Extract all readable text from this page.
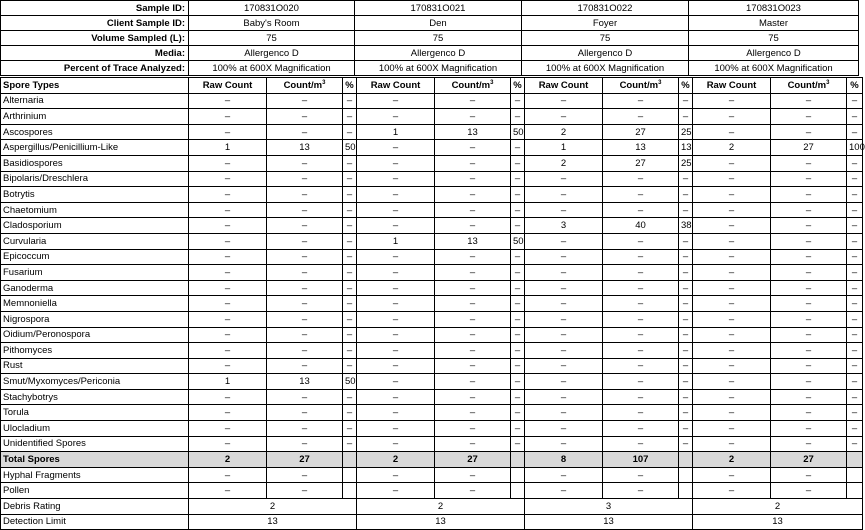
Sample ID:	170831O020	170831O021	170831O022	170831O023
Client Sample ID:	Baby's Room	Den	Foyer	Master
Volume Sampled (L):	75	75	75	75
Media:	Allergenco D	Allergenco D	Allergenco D	Allergenco D
Percent of Trace Analyzed:	100% at 600X Magnification	100% at 600X Magnification	100% at 600X Magnification	100% at 600X Magnification
Spore Types	Raw Count	Count/$m^3$	%	Raw Count	Count/$m^3$	%	Raw Count	Count/$m^3$	%	Raw Count	Count/$m^3$	%
Alternaria	–	–	–	–	–	–	–	–	–	–	–	–
Arthrinium	–	–	–	–	–	–	–	–	–	–	–	–
Ascospores	–	–	–	1	13	50	2	27	25	–	–	–
Aspergillus/Penicillium-Like	1	13	50	–	–	–	1	13	13	2	27	100
Basidiospores	–	–	–	–	–	–	2	27	25	–	–	–
Bipolaris/Dreschlera	–	–	–	–	–	–	–	–	–	–	–	–
Botrytis	–	–	–	–	–	–	–	–	–	–	–	–
Chaetomium	–	–	–	–	–	–	–	–	–	–	–	–
Cladosporium	–	–	–	–	–	–	3	40	38	–	–	–
Curvularia	–	–	–	1	13	50	–	–	–	–	–	–
Epicoccum	–	–	–	–	–	–	–	–	–	–	–	–
Fusarium	–	–	–	–	–	–	–	–	–	–	–	–
Ganoderma	–	–	–	–	–	–	–	–	–	–	–	–
Memnoniella	–	–	–	–	–	–	–	–	–	–	–	–
Nigrospora	–	–	–	–	–	–	–	–	–	–	–	–
Oidium/Peronospora	–	–	–	–	–	–	–	–	–	–	–	–
Pithomyces	–	–	–	–	–	–	–	–	–	–	–	–
Rust	–	–	–	–	–	–	–	–	–	–	–	–
Smut/Myxomyces/Periconia	1	13	50	–	–	–	–	–	–	–	–	–
Stachybotrys	–	–	–	–	–	–	–	–	–	–	–	–
Torula	–	–	–	–	–	–	–	–	–	–	–	–
Ulocladium	–	–	–	–	–	–	–	–	–	–	–	–
Unidentified Spores	–	–	–	–	–	–	–	–	–	–	–	–
Total Spores	2	27		2	27		8	107		2	27	
Hyphal Fragments	–	–		–	–		–	–		–	–	
Pollen	–	–		–	–		–	–		–	–	
Debris Rating	2			2			3			2		
Detection Limit	13			13			13			13		
